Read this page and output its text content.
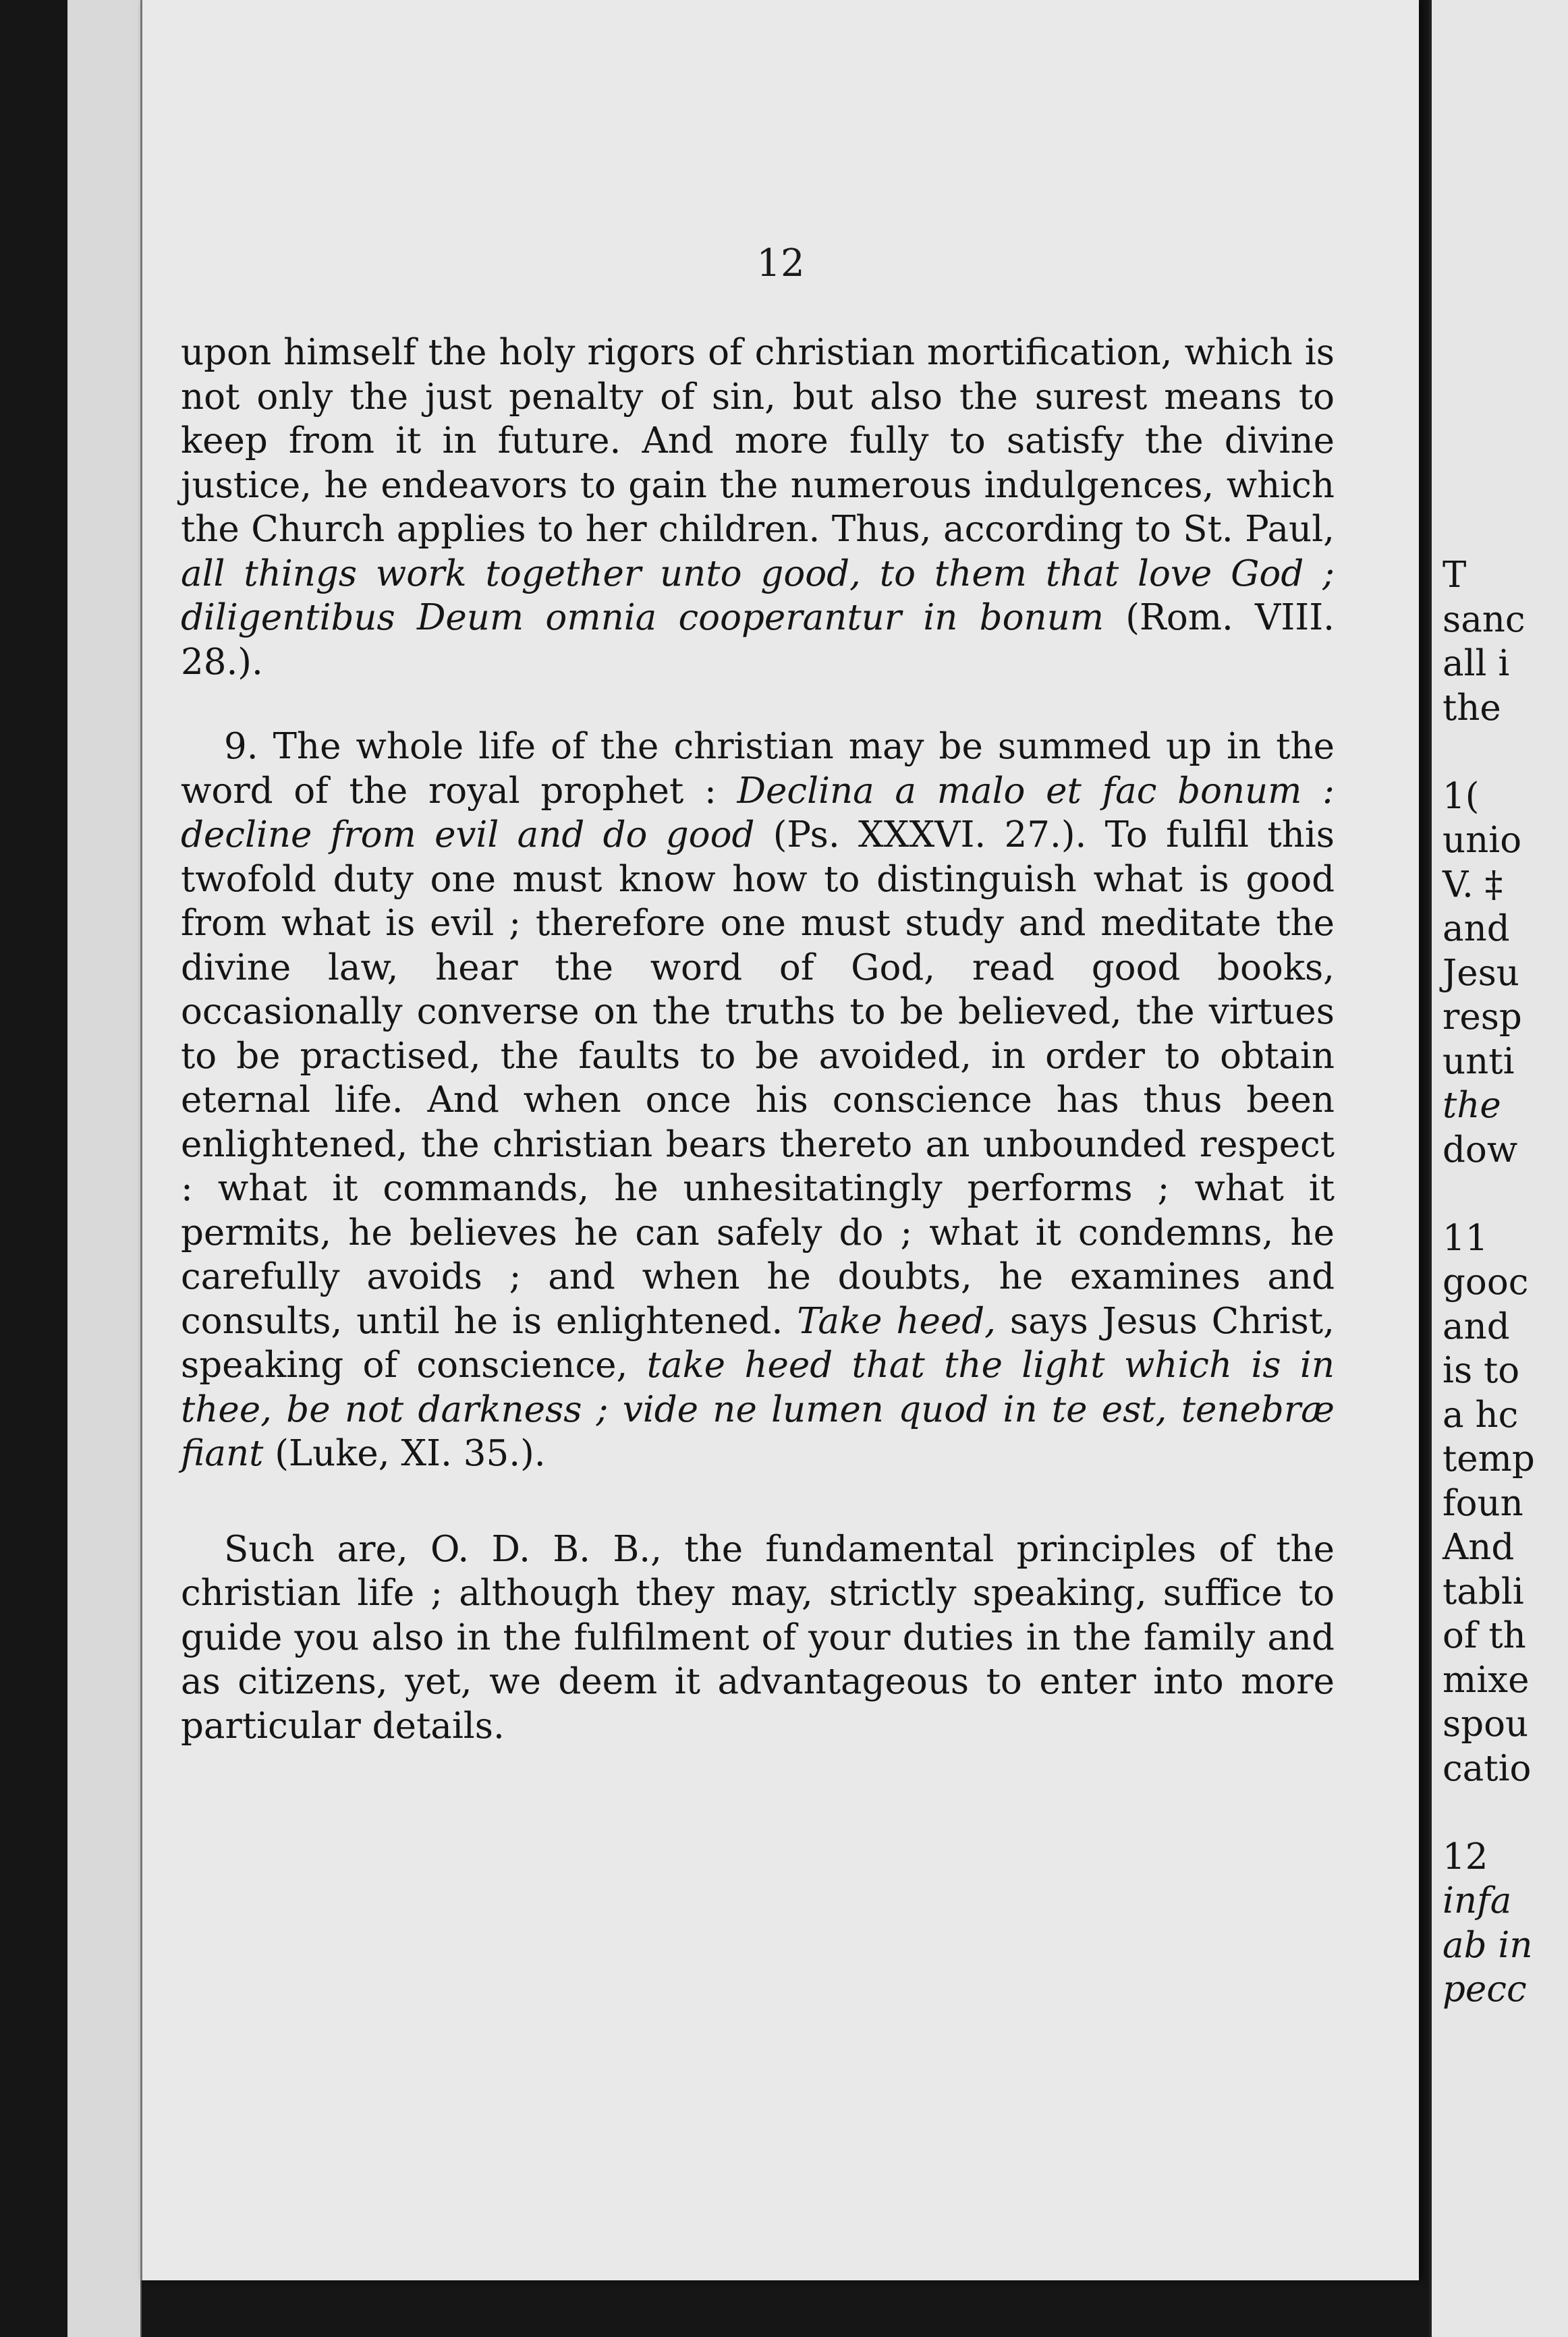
12

upon himself the holy rigors of christian mortification, which is not only the just penalty of sin, but also the surest means to keep from it in future. And more fully to satisfy the divine justice, he endeavors to gain the numerous indulgences, which the Church applies to her children. Thus, according to St. Paul, all things work together unto good, to them that love God ; diligentibus Deum omnia cooperantur in bonum (Rom. VIII. 28.).

9. The whole life of the christian may be summed up in the word of the royal prophet : Declina a malo et fac bonum : decline from evil and do good (Ps. XXXVI. 27.). To fulfil this twofold duty one must know how to distinguish what is good from what is evil ; therefore one must study and meditate the divine law, hear the word of God, read good books, occasionally converse on the truths to be believed, the virtues to be practised, the faults to be avoided, in order to obtain eternal life. And when once his conscience has thus been enlightened, the christian bears thereto an unbounded respect : what it commands, he unhesitatingly performs ; what it permits, he believes he can safely do ; what it condemns, he carefully avoids ; and when he doubts, he examines and consults, until he is enlightened. Take heed, says Jesus Christ, speaking of conscience, take heed that the light which is in thee, be not darkness ; vide ne lumen quod in te est, tenebræ fiant (Luke, XI. 35.).

Such are, O. D. B. B., the fundamental principles of the christian life ; although they may, strictly speaking, suffice to guide you also in the fulfilment of your duties in the family and as citizens, yet, we deem it advantageous to enter into more particular details.

T
sanc
all i
the
1(
unio
V. ‡
and
Jesu
resp
unti
the
dow
11
gooc
and
is to
a hc
temp
foun
And
tabli
of th
mixe
spou
catio
12
infa
ab in
pecc
